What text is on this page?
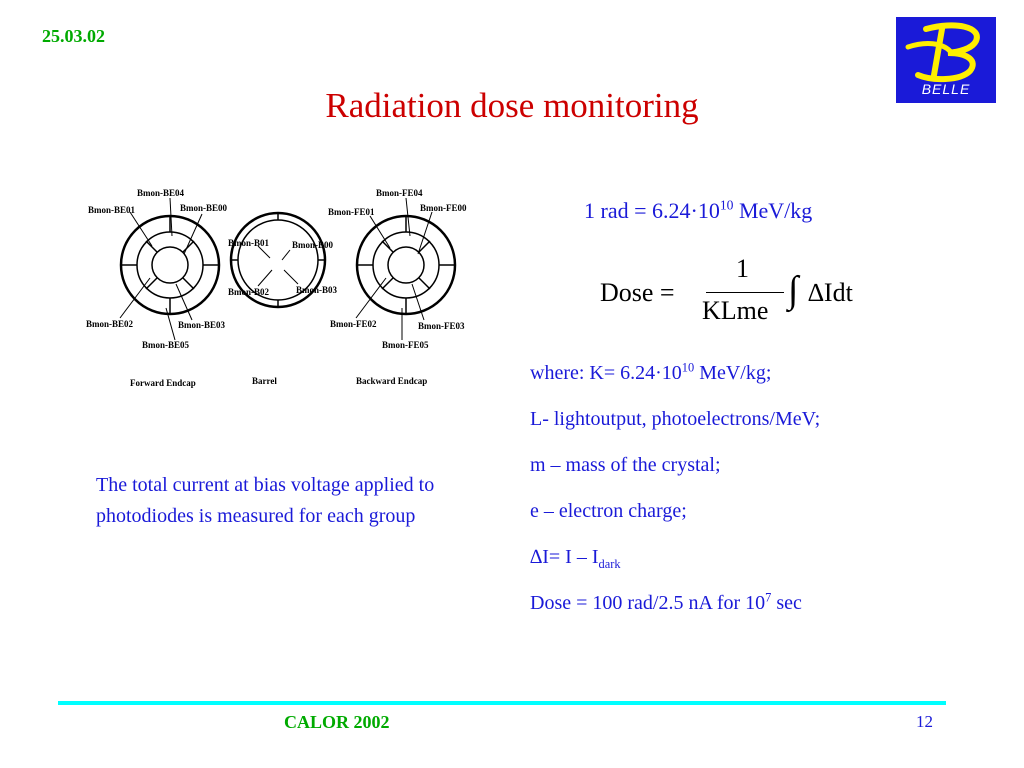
25.03.02
BELLE
Radiation dose monitoring
Bmon-BE04
Bmon-BE01	Bmon-BE00
Bmon-BE02	Bmon-BE03
Bmon-BE05
Forward Endcap
Bmon-B01	Bmon-B00
Bmon-B02	Bmon-B03
Barrel
Bmon-FE04
Bmon-FE01	Bmon-FE00
Bmon-FE02	Bmon-FE03
Bmon-FE05
Backward Endcap
1 rad = $6.24\cdot 10^{10}$ MeV/kg
Dose =
1
KLme ∫ ∆Idt
where: $K= 6.24\cdot 10^{10}$ MeV/kg;
L- lightoutput, photoelectrons/MeV;
m – mass of the crystal;
e – electron charge;
$\Delta I= I - I_{dark}$
Dose = 100 rad/2.5 nA for $10^7$ sec
The total current at bias voltage applied to photodiodes is measured for each group
CALOR 2002	12
